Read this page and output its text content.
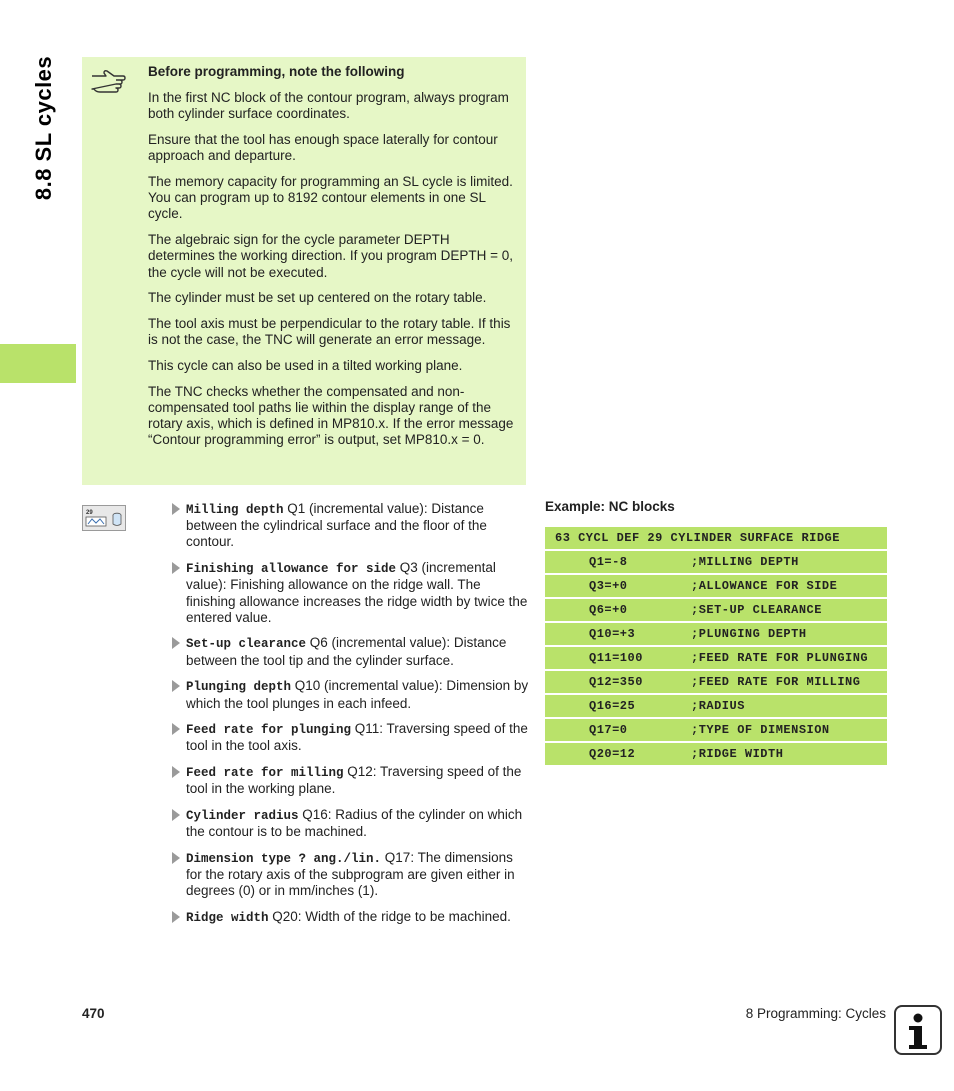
8.8 SL cycles	Before programming, note the following

In the first NC block of the contour program, always program both cylinder surface coordinates.

Ensure that the tool has enough space laterally for contour approach and departure.

The memory capacity for programming an SL cycle is limited. You can program up to 8192 contour elements in one SL cycle.

The algebraic sign for the cycle parameter DEPTH determines the working direction. If you program DEPTH = 0, the cycle will not be executed.

The cylinder must be set up centered on the rotary table.

The tool axis must be perpendicular to the rotary table. If this is not the case, the TNC will generate an error message.

This cycle can also be used in a tilted working plane.

The TNC checks whether the compensated and non-compensated tool paths lie within the display range of the rotary axis, which is defined in MP810.x. If the error message “Contour programming error” is output, set MP810.x = 0.

29	Milling depth Q1 (incremental value): Distance between the cylindrical surface and the floor of the contour.
Finishing allowance for side Q3 (incremental value): Finishing allowance on the ridge wall. The finishing allowance increases the ridge width by twice the entered value.
Set-up clearance Q6 (incremental value): Distance between the tool tip and the cylinder surface.
Plunging depth Q10 (incremental value): Dimension by which the tool plunges in each infeed.
Feed rate for plunging Q11: Traversing speed of the tool in the tool axis.
Feed rate for milling Q12: Traversing speed of the tool in the working plane.
Cylinder radius Q16: Radius of the cylinder on which the contour is to be machined.
Dimension type ? ang./lin. Q17: The dimensions for the rotary axis of the subprogram are given either in degrees (0) or in mm/inches (1).
Ridge width Q20: Width of the ridge to be machined.
Example: NC blocks
63 CYCL DEF 29 CYLINDER SURFACE RIDGE
Q1=-8	;MILLING DEPTH
Q3=+0	;ALLOWANCE FOR SIDE
Q6=+0	;SET-UP CLEARANCE
Q10=+3	;PLUNGING DEPTH
Q11=100	;FEED RATE FOR PLUNGING
Q12=350	;FEED RATE FOR MILLING
Q16=25	;RADIUS
Q17=0	;TYPE OF DIMENSION
Q20=12	;RIDGE WIDTH
470	8 Programming: Cycles
